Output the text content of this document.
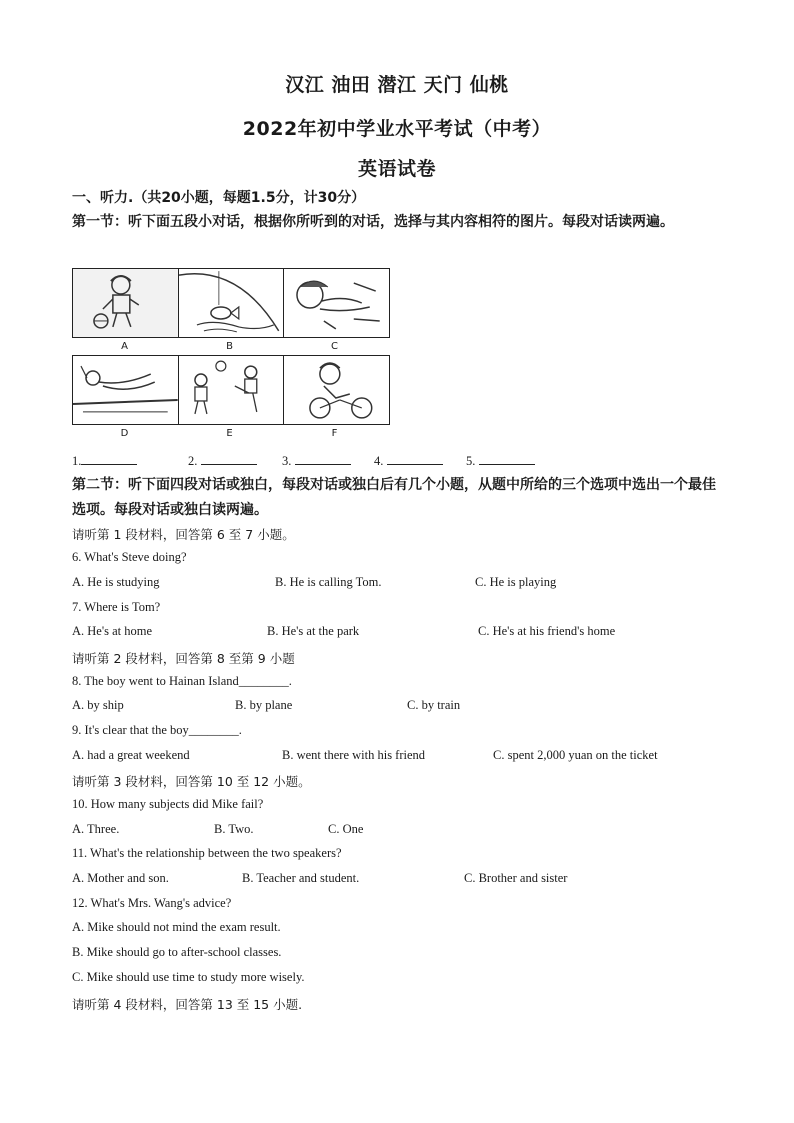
汉江 油田 潜江 天门 仙桃
2022年初中学业水平考试（中考）
英语试卷
一、听力.（共20小题，每题1.5分，计30分）
第一节：听下面五段小对话，根据你所听到的对话，选择与其内容相符的图片。每段对话读两遍。
A	B	C
D	E	F
1.	2.	3.	4.	5.
第二节：听下面四段对话或独白，每段对话或独白后有几个小题，从题中所给的三个选项中选出一个最佳选项。每段对话或独白读两遍。
请听第 1 段材料，回答第 6 至 7 小题。
6. What's Steve doing?
A. He is studying	B. He is calling Tom.	C. He is playing
7. Where is Tom?
A. He's at home	B. He's at the park	C. He's at his friend's home
请听第 2 段材料，回答第 8 至第 9 小题
8. The boy went to Hainan Island________.
A. by ship	B. by plane	C. by train
9. It's clear that the boy________.
A. had a great weekend	B. went there with his friend	C. spent 2,000 yuan on the ticket
请听第 3 段材料，回答第 10 至 12 小题。
10. How many subjects did Mike fail?
A. Three.	B. Two.	C. One
11. What's the relationship between the two speakers?
A. Mother and son.	B. Teacher and student.	C. Brother and sister
12. What's Mrs. Wang's advice?
A. Mike should not mind the exam result.
B. Mike should go to after-school classes.
C. Mike should use time to study more wisely.
请听第 4 段材料，回答第 13 至 15 小题.
